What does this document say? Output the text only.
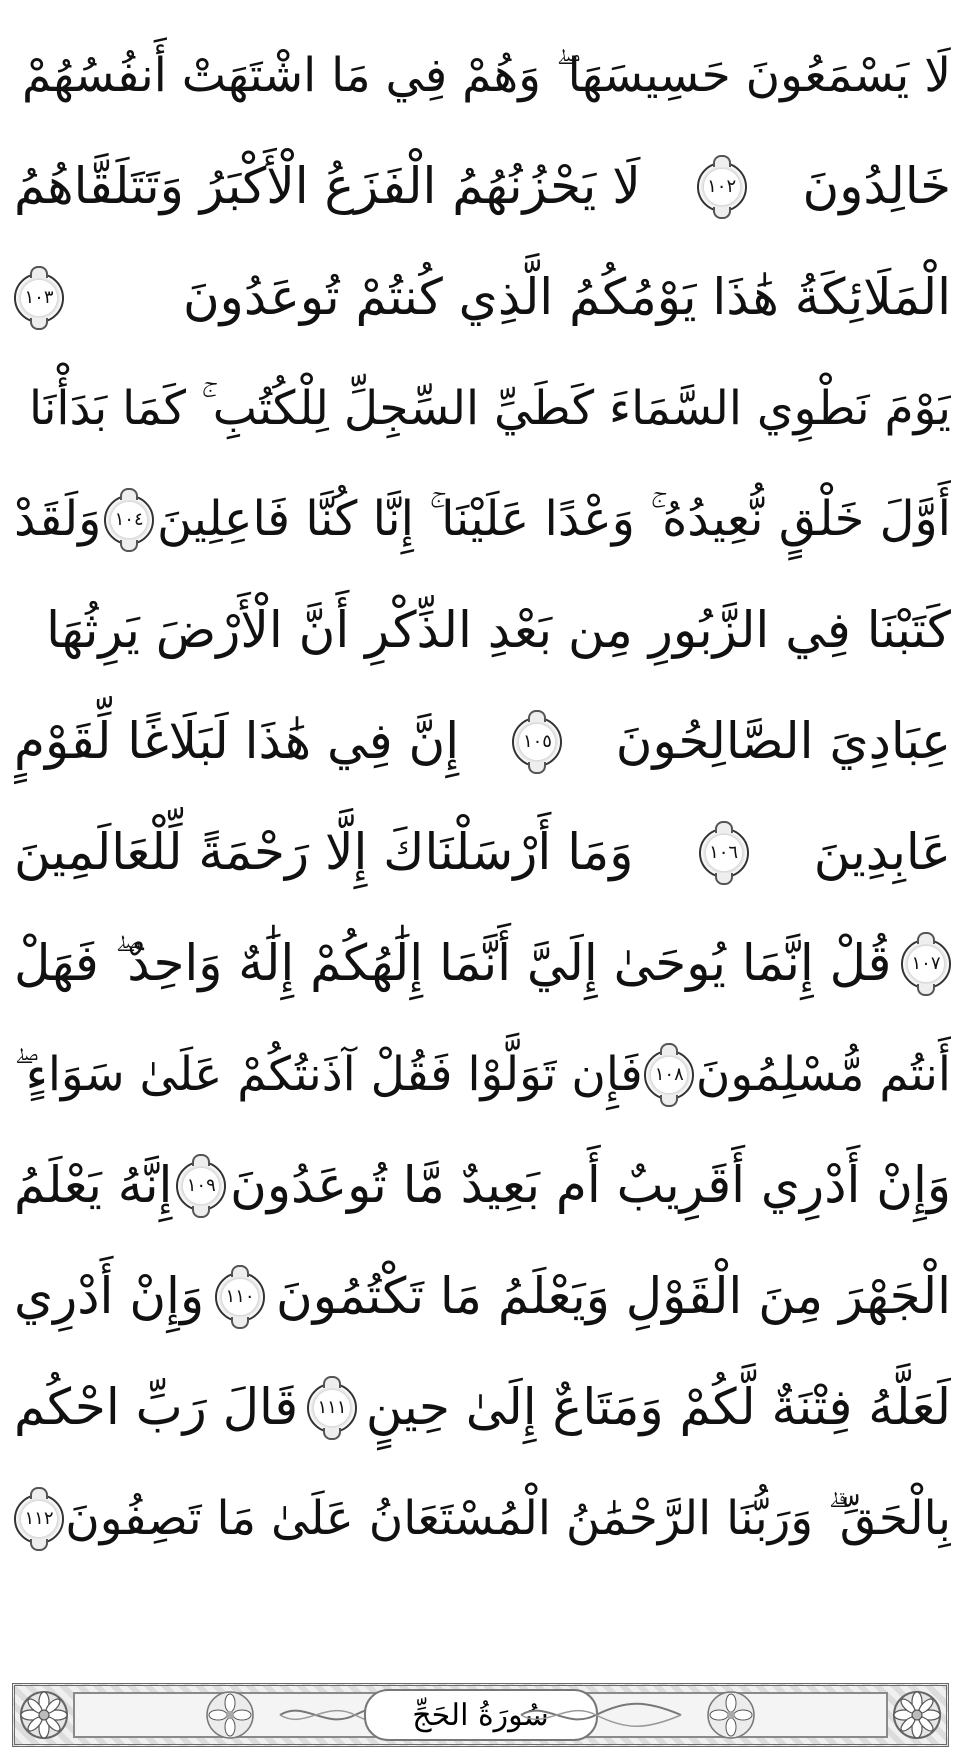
لَا يَسْمَعُونَ حَسِيسَهَا ۖ وَهُمْ فِي مَا اشْتَهَتْ أَنفُسُهُمْ
خَالِدُونَ
١٠٢
لَا يَحْزُنُهُمُ الْفَزَعُ الْأَكْبَرُ وَتَتَلَقَّاهُمُ
الْمَلَائِكَةُ هَٰذَا يَوْمُكُمُ الَّذِي كُنتُمْ تُوعَدُونَ
١٠٣
يَوْمَ نَطْوِي السَّمَاءَ كَطَيِّ السِّجِلِّ لِلْكُتُبِ ۚ كَمَا بَدَأْنَا
أَوَّلَ خَلْقٍ نُّعِيدُهُ ۚ وَعْدًا عَلَيْنَا ۚ إِنَّا كُنَّا فَاعِلِينَ
١٠٤
وَلَقَدْ
كَتَبْنَا فِي الزَّبُورِ مِن بَعْدِ الذِّكْرِ أَنَّ الْأَرْضَ يَرِثُهَا
عِبَادِيَ الصَّالِحُونَ
١٠٥
إِنَّ فِي هَٰذَا لَبَلَاغًا لِّقَوْمٍ
عَابِدِينَ
١٠٦
وَمَا أَرْسَلْنَاكَ إِلَّا رَحْمَةً لِّلْعَالَمِينَ
١٠٧
قُلْ إِنَّمَا يُوحَىٰ إِلَيَّ أَنَّمَا إِلَٰهُكُمْ إِلَٰهٌ وَاحِدٌ ۖ فَهَلْ
أَنتُم مُّسْلِمُونَ
١٠٨
فَإِن تَوَلَّوْا فَقُلْ آذَنتُكُمْ عَلَىٰ سَوَاءٍ ۖ
وَإِنْ أَدْرِي أَقَرِيبٌ أَم بَعِيدٌ مَّا تُوعَدُونَ
١٠٩
إِنَّهُ يَعْلَمُ
الْجَهْرَ مِنَ الْقَوْلِ وَيَعْلَمُ مَا تَكْتُمُونَ
١١٠
وَإِنْ أَدْرِي
لَعَلَّهُ فِتْنَةٌ لَّكُمْ وَمَتَاعٌ إِلَىٰ حِينٍ
١١١
قَالَ رَبِّ احْكُم
بِالْحَقِّ ۗ وَرَبُّنَا الرَّحْمَٰنُ الْمُسْتَعَانُ عَلَىٰ مَا تَصِفُونَ
١١٢
سُورَةُ الحَجِّ
